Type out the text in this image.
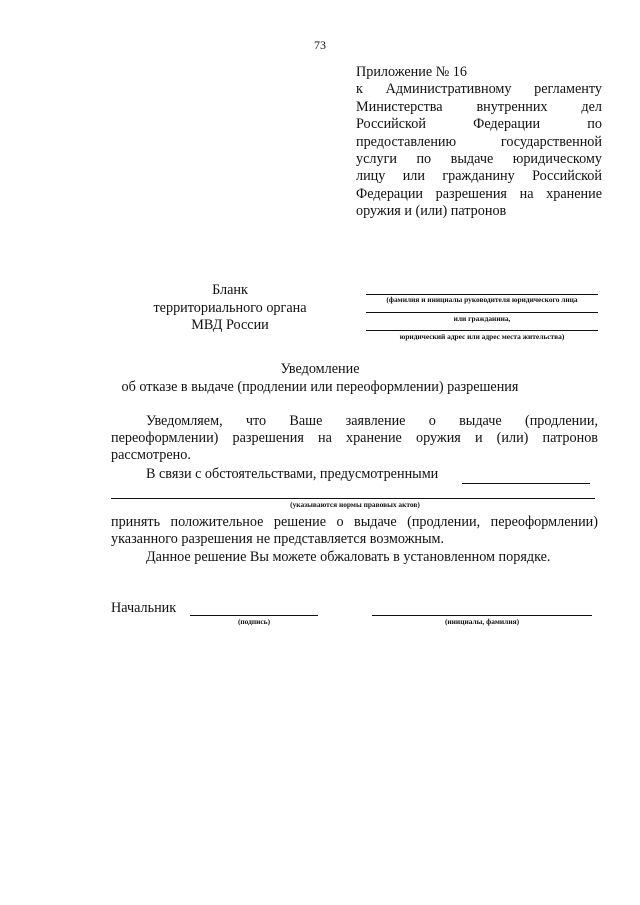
73
Приложение № 16
к Административному регламенту
Министерства внутренних дел
Российской Федерации по
предоставлению государственной
услуги по выдаче юридическому
лицу или гражданину Российской
Федерации разрешения на хранение
оружия и (или) патронов
Бланк
территориального органа
МВД России
(фамилия и инициалы руководителя юридического лица
или гражданина,
юридический адрес или адрес места жительства)
Уведомление
об отказе в выдаче (продлении или переоформлении) разрешения
Уведомляем, что Ваше заявление о выдаче (продлении,
переоформлении) разрешения на хранение оружия и (или) патронов
рассмотрено.
В связи с обстоятельствами, предусмотренными
(указываются нормы правовых актов)
принять положительное решение о выдаче (продлении, переоформлении)
указанного разрешения не представляется возможным.
Данное решение Вы можете обжаловать в установленном порядке.
Начальник
(подпись)	(инициалы, фамилия)
